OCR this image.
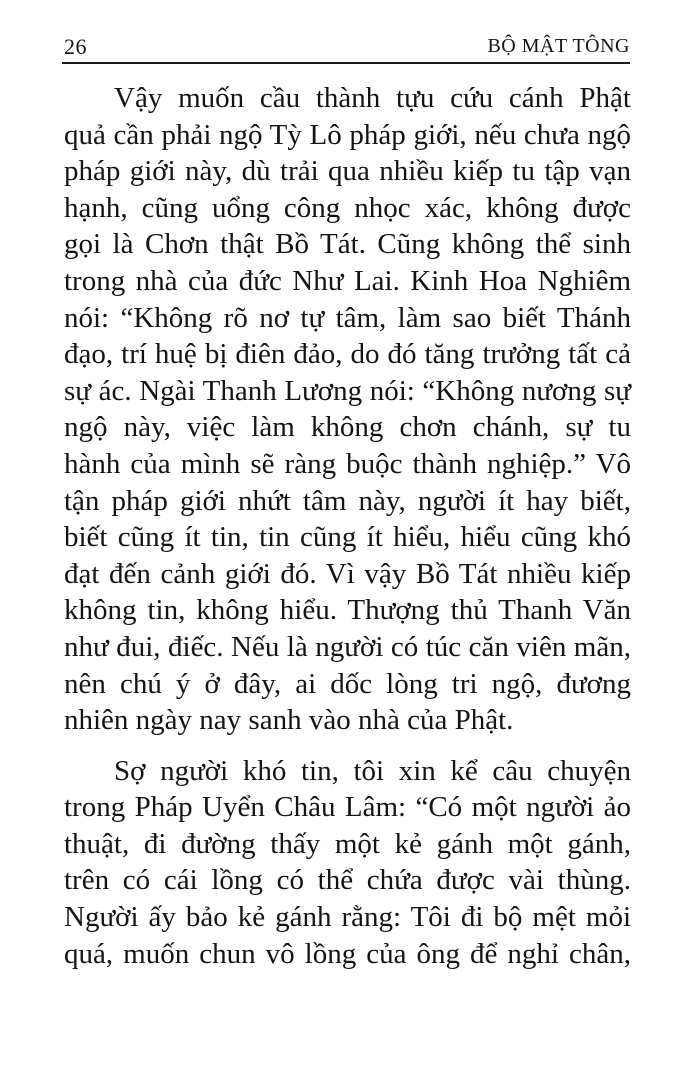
26	BỘ MẬT TÔNG

Vậy muốn cầu thành tựu cứu cánh Phật
quả cần phải ngộ Tỳ Lô pháp giới, nếu chưa ngộ
pháp giới này, dù trải qua nhiều kiếp tu tập vạn
hạnh, cũng uổng công nhọc xác, không được
gọi là Chơn thật Bồ Tát. Cũng không thể sinh
trong nhà của đức Như Lai. Kinh Hoa Nghiêm
nói: “Không rõ nơ tự tâm, làm sao biết Thánh
đạo, trí huệ bị điên đảo, do đó tăng trưởng tất cả
sự ác. Ngài Thanh Lương nói: “Không nương sự
ngộ này, việc làm không chơn chánh, sự tu
hành của mình sẽ ràng buộc thành nghiệp.” Vô
tận pháp giới nhứt tâm này, người ít hay biết,
biết cũng ít tin, tin cũng ít hiểu, hiểu cũng khó
đạt đến cảnh giới đó. Vì vậy Bồ Tát nhiều kiếp
không tin, không hiểu. Thượng thủ Thanh Văn
như đui, điếc. Nếu là người có túc căn viên mãn,
nên chú ý ở đây, ai dốc lòng tri ngộ, đương
nhiên ngày nay sanh vào nhà của Phật.

Sợ người khó tin, tôi xin kể câu chuyện
trong Pháp Uyển Châu Lâm: “Có một người ảo
thuật, đi đường thấy một kẻ gánh một gánh,
trên có cái lồng có thể chứa được vài thùng.
Người ấy bảo kẻ gánh rằng: Tôi đi bộ mệt mỏi
quá, muốn chun vô lồng của ông để nghỉ chân,
